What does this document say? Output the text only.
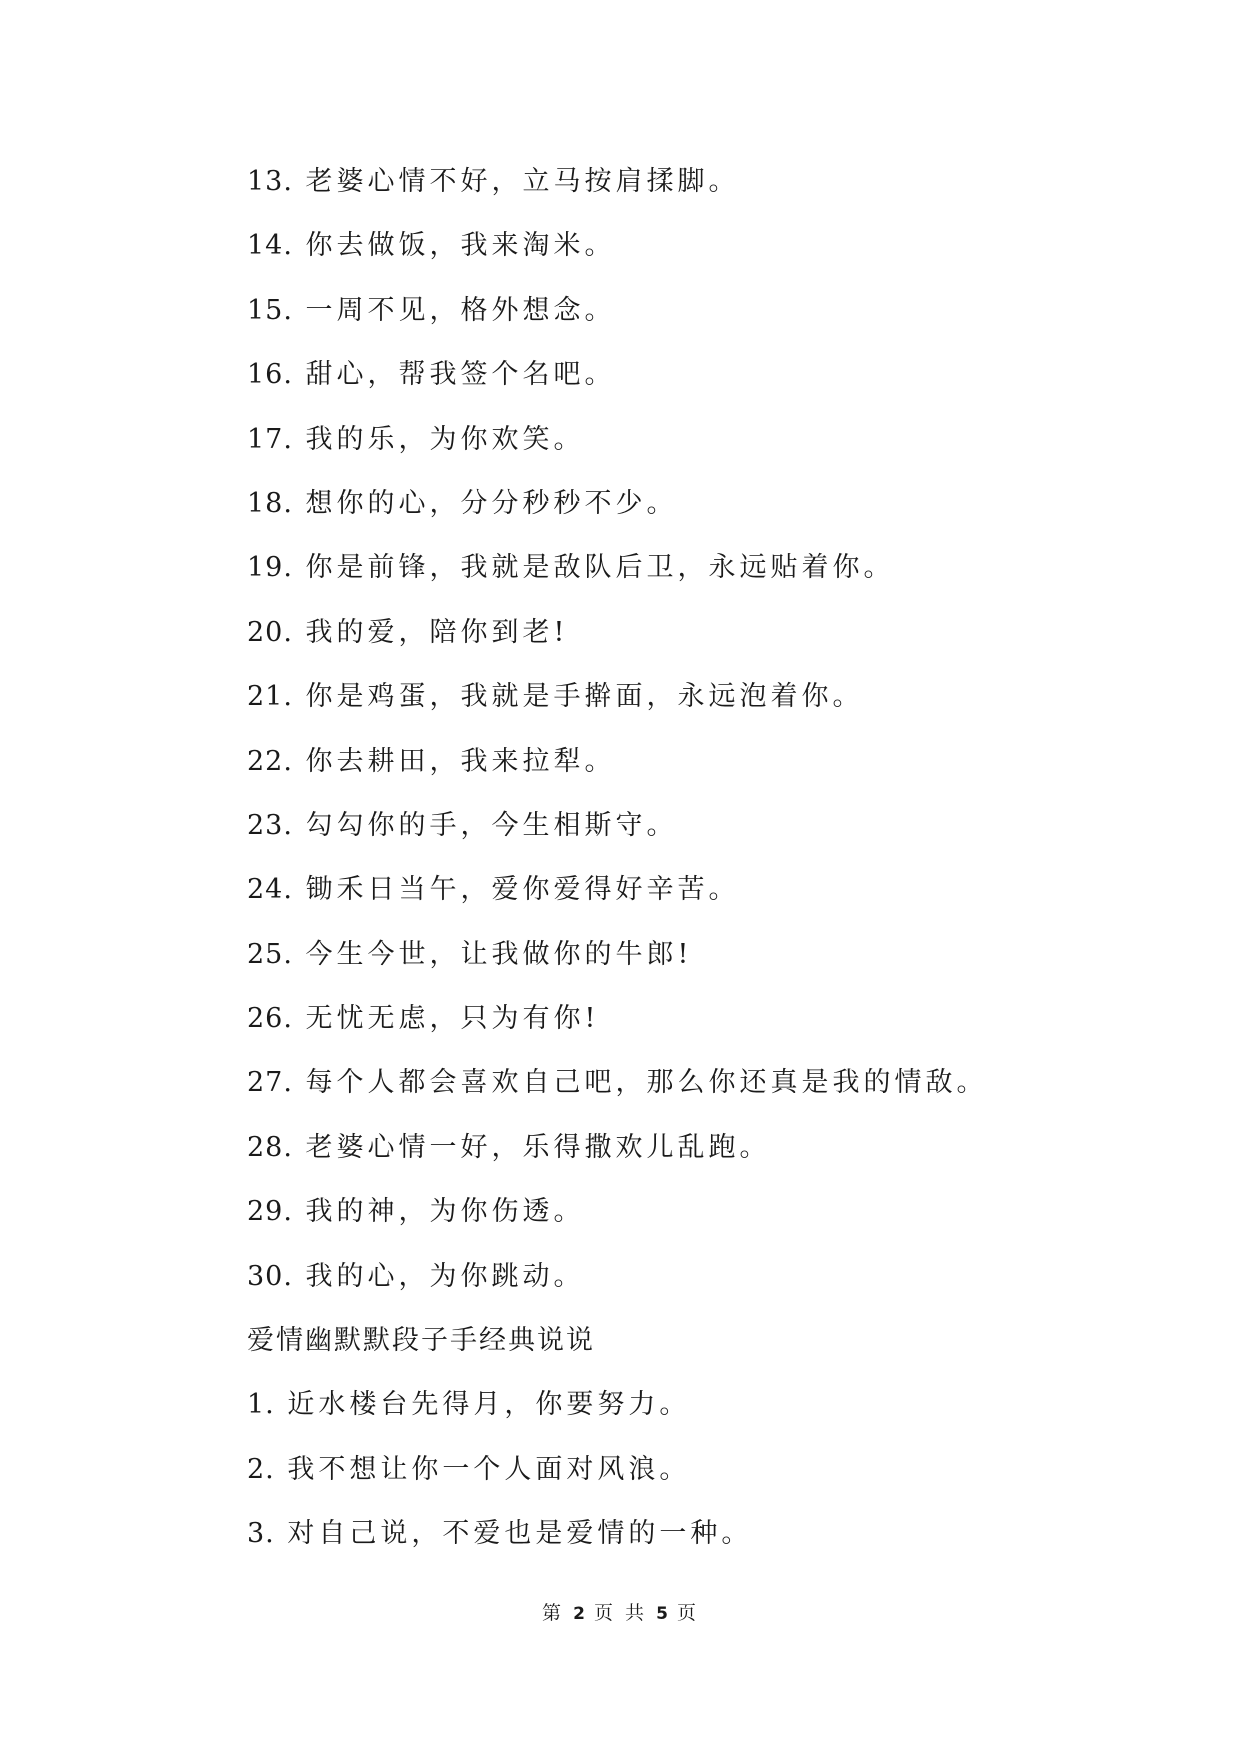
13. 老婆心情不好，立马按肩揉脚。
14. 你去做饭，我来淘米。
15. 一周不见，格外想念。
16. 甜心，帮我签个名吧。
17. 我的乐，为你欢笑。
18. 想你的心，分分秒秒不少。
19. 你是前锋，我就是敌队后卫，永远贴着你。
20. 我的爱，陪你到老!
21. 你是鸡蛋，我就是手擀面，永远泡着你。
22. 你去耕田，我来拉犁。
23. 勾勾你的手，今生相斯守。
24. 锄禾日当午，爱你爱得好辛苦。
25. 今生今世，让我做你的牛郎!
26. 无忧无虑，只为有你!
27. 每个人都会喜欢自己吧，那么你还真是我的情敌。
28. 老婆心情一好，乐得撒欢儿乱跑。
29. 我的神，为你伤透。
30. 我的心，为你跳动。
爱情幽默默段子手经典说说
1. 近水楼台先得月，你要努力。
2. 我不想让你一个人面对风浪。
3. 对自己说，不爱也是爱情的一种。
第 2 页 共 5 页
